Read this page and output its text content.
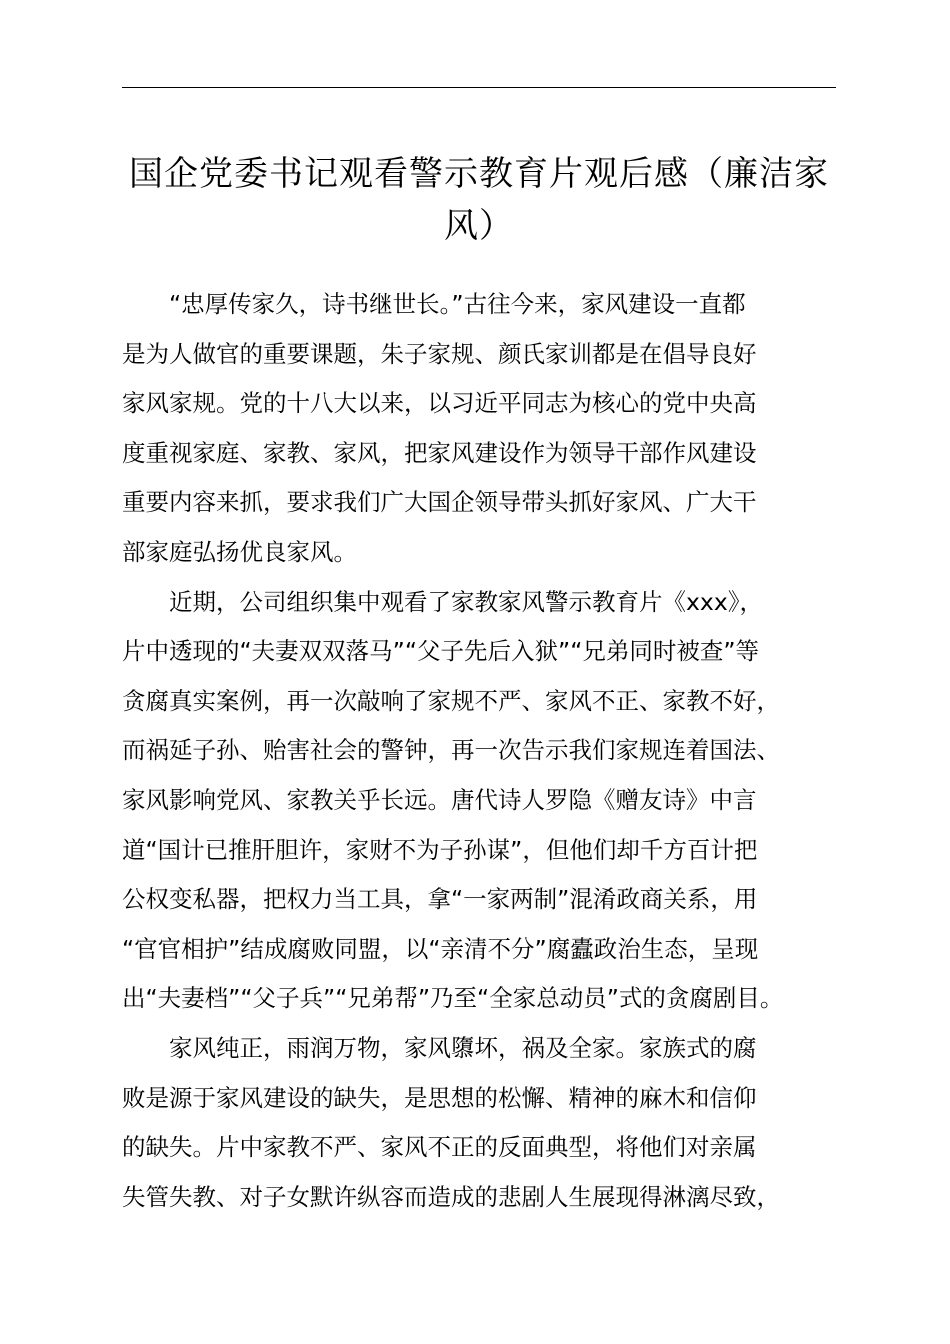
国企党委书记观看警示教育片观后感（廉洁家
风）

“忠厚传家久，诗书继世长。”古往今来，家风建设一直都
是为人做官的重要课题，朱子家规、颜氏家训都是在倡导良好
家风家规。党的十八大以来，以习近平同志为核心的党中央高
度重视家庭、家教、家风，把家风建设作为领导干部作风建设
重要内容来抓，要求我们广大国企领导带头抓好家风、广大干
部家庭弘扬优良家风。

近期，公司组织集中观看了家教家风警示教育片《xxx》，
片中透现的“夫妻双双落马”“父子先后入狱”“兄弟同时被查”等
贪腐真实案例，再一次敲响了家规不严、家风不正、家教不好，
而祸延子孙、贻害社会的警钟，再一次告示我们家规连着国法、
家风影响党风、家教关乎长远。唐代诗人罗隐《赠友诗》中言
道“国计已推肝胆许，家财不为子孙谋”，但他们却千方百计把
公权变私器，把权力当工具，拿“一家两制”混淆政商关系，用
“官官相护”结成腐败同盟，以“亲清不分”腐蠹政治生态，呈现
出“夫妻档”“父子兵”“兄弟帮”乃至“全家总动员”式的贪腐剧目。

家风纯正，雨润万物，家风隳坏，祸及全家。家族式的腐
败是源于家风建设的缺失，是思想的松懈、精神的麻木和信仰
的缺失。片中家教不严、家风不正的反面典型，将他们对亲属
失管失教、对子女默许纵容而造成的悲剧人生展现得淋漓尽致，
